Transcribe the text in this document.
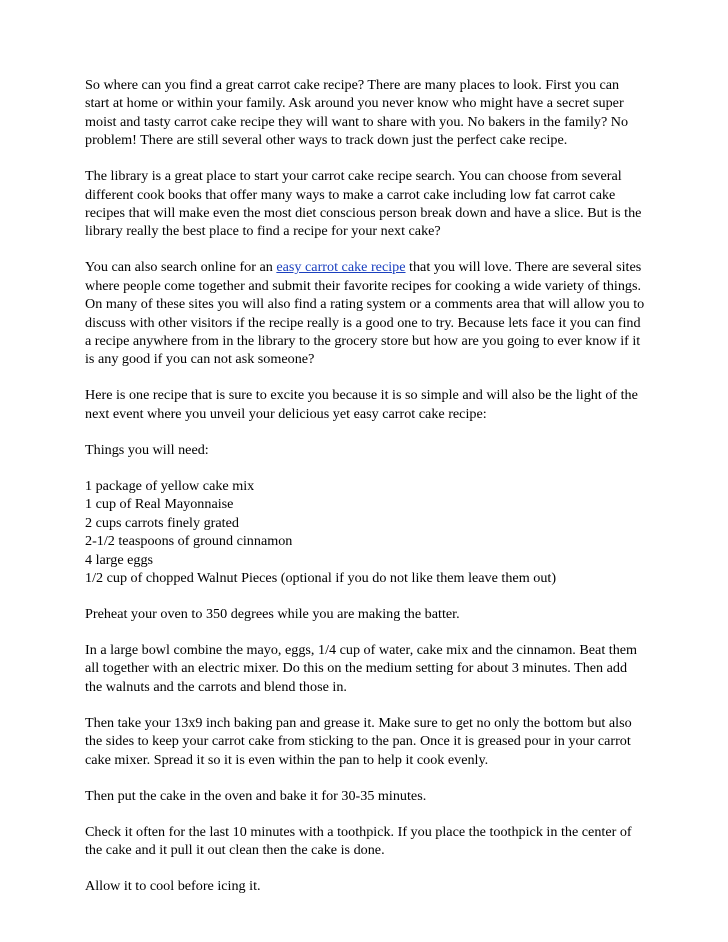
So where can you find a great carrot cake recipe? There are many places to look. First you can start at home or within your family. Ask around you never know who might have a secret super moist and tasty carrot cake recipe they will want to share with you. No bakers in the family? No problem! There are still several other ways to track down just the perfect cake recipe.

The library is a great place to start your carrot cake recipe search. You can choose from several different cook books that offer many ways to make a carrot cake including low fat carrot cake recipes that will make even the most diet conscious person break down and have a slice. But is the library really the best place to find a recipe for your next cake?

You can also search online for an easy carrot cake recipe that you will love. There are several sites where people come together and submit their favorite recipes for cooking a wide variety of things. On many of these sites you will also find a rating system or a comments area that will allow you to discuss with other visitors if the recipe really is a good one to try. Because lets face it you can find a recipe anywhere from in the library to the grocery store but how are you going to ever know if it is any good if you can not ask someone?

Here is one recipe that is sure to excite you because it is so simple and will also be the light of the next event where you unveil your delicious yet easy carrot cake recipe:

Things you will need:

1 package of yellow cake mix
1 cup of Real Mayonnaise
2 cups carrots finely grated
2-1/2 teaspoons of ground cinnamon
4 large eggs
1/2 cup of chopped Walnut Pieces (optional if you do not like them leave them out)

Preheat your oven to 350 degrees while you are making the batter.

In a large bowl combine the mayo, eggs, 1/4 cup of water, cake mix and the cinnamon. Beat them all together with an electric mixer. Do this on the medium setting for about 3 minutes. Then add the walnuts and the carrots and blend those in.

Then take your 13x9 inch baking pan and grease it. Make sure to get no only the bottom but also the sides to keep your carrot cake from sticking to the pan. Once it is greased pour in your carrot cake mixer. Spread it so it is even within the pan to help it cook evenly.

Then put the cake in the oven and bake it for 30-35 minutes.

Check it often for the last 10 minutes with a toothpick. If you place the toothpick in the center of the cake and it pull it out clean then the cake is done.

Allow it to cool before icing it.
